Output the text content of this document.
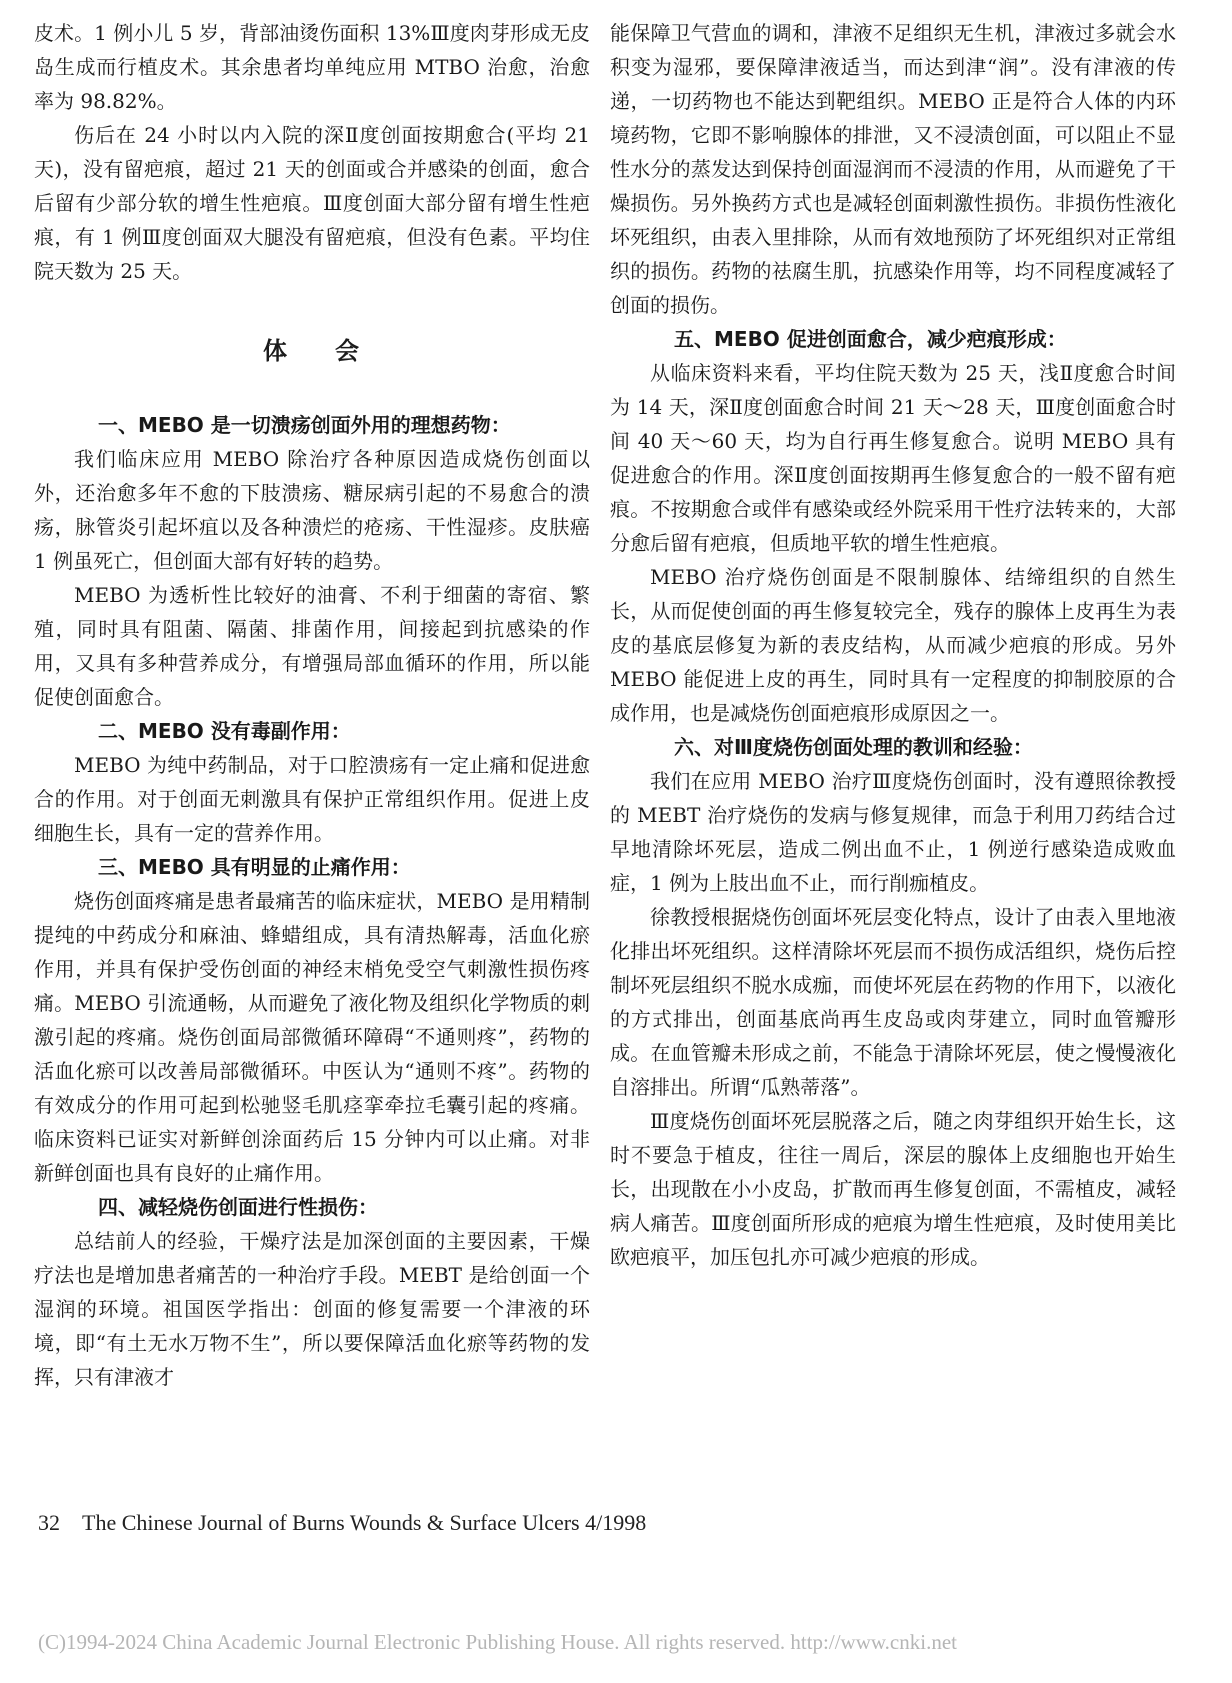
皮术。1 例小儿 5 岁，背部油烫伤面积 13%Ⅲ度肉芽形成无皮岛生成而行植皮术。其余患者均单纯应用 MTBO 治愈，治愈率为 98.82%。

伤后在 24 小时以内入院的深Ⅱ度创面按期愈合(平均 21 天)，没有留疤痕，超过 21 天的创面或合并感染的创面，愈合后留有少部分软的增生性疤痕。Ⅲ度创面大部分留有增生性疤痕，有 1 例Ⅲ度创面双大腿没有留疤痕，但没有色素。平均住院天数为 25 天。

体 会

一、MEBO 是一切溃疡创面外用的理想药物：

我们临床应用 MEBO 除治疗各种原因造成烧伤创面以外，还治愈多年不愈的下肢溃疡、糖尿病引起的不易愈合的溃疡，脉管炎引起坏疽以及各种溃烂的疮疡、干性湿疹。皮肤癌 1 例虽死亡，但创面大部有好转的趋势。

MEBO 为透析性比较好的油膏、不利于细菌的寄宿、繁殖，同时具有阻菌、隔菌、排菌作用，间接起到抗感染的作用，又具有多种营养成分，有增强局部血循环的作用，所以能促使创面愈合。

二、MEBO 没有毒副作用：

MEBO 为纯中药制品，对于口腔溃疡有一定止痛和促进愈合的作用。对于创面无刺激具有保护正常组织作用。促进上皮细胞生长，具有一定的营养作用。

三、MEBO 具有明显的止痛作用：

烧伤创面疼痛是患者最痛苦的临床症状，MEBO 是用精制提纯的中药成分和麻油、蜂蜡组成，具有清热解毒，活血化瘀作用，并具有保护受伤创面的神经末梢免受空气刺激性损伤疼痛。MEBO 引流通畅，从而避免了液化物及组织化学物质的刺激引起的疼痛。烧伤创面局部微循环障碍“不通则疼”，药物的活血化瘀可以改善局部微循环。中医认为“通则不疼”。药物的有效成分的作用可起到松驰竖毛肌痉挛牵拉毛囊引起的疼痛。临床资料已证实对新鲜创涂面药后 15 分钟内可以止痛。对非新鲜创面也具有良好的止痛作用。

四、减轻烧伤创面进行性损伤：

总结前人的经验，干燥疗法是加深创面的主要因素，干燥疗法也是增加患者痛苦的一种治疗手段。MEBT 是给创面一个湿润的环境。祖国医学指出：创面的修复需要一个津液的环境，即“有土无水万物不生”，所以要保障活血化瘀等药物的发挥，只有津液才

能保障卫气营血的调和，津液不足组织无生机，津液过多就会水积变为湿邪，要保障津液适当，而达到津“润”。没有津液的传递，一切药物也不能达到靶组织。MEBO 正是符合人体的内环境药物，它即不影响腺体的排泄，又不浸渍创面，可以阻止不显性水分的蒸发达到保持创面湿润而不浸渍的作用，从而避免了干燥损伤。另外换药方式也是减轻创面刺激性损伤。非损伤性液化坏死组织，由表入里排除，从而有效地预防了坏死组织对正常组织的损伤。药物的祛腐生肌，抗感染作用等，均不同程度减轻了创面的损伤。

五、MEBO 促进创面愈合，减少疤痕形成：

从临床资料来看，平均住院天数为 25 天，浅Ⅱ度愈合时间为 14 天，深Ⅱ度创面愈合时间 21 天～28 天，Ⅲ度创面愈合时间 40 天～60 天，均为自行再生修复愈合。说明 MEBO 具有促进愈合的作用。深Ⅱ度创面按期再生修复愈合的一般不留有疤痕。不按期愈合或伴有感染或经外院采用干性疗法转来的，大部分愈后留有疤痕，但质地平软的增生性疤痕。

MEBO 治疗烧伤创面是不限制腺体、结缔组织的自然生长，从而促使创面的再生修复较完全，残存的腺体上皮再生为表皮的基底层修复为新的表皮结构，从而减少疤痕的形成。另外 MEBO 能促进上皮的再生，同时具有一定程度的抑制胶原的合成作用，也是减烧伤创面疤痕形成原因之一。

六、对Ⅲ度烧伤创面处理的教训和经验：

我们在应用 MEBO 治疗Ⅲ度烧伤创面时，没有遵照徐教授的 MEBT 治疗烧伤的发病与修复规律，而急于利用刀药结合过早地清除坏死层，造成二例出血不止，1 例逆行感染造成败血症，1 例为上肢出血不止，而行削痂植皮。

徐教授根据烧伤创面坏死层变化特点，设计了由表入里地液化排出坏死组织。这样清除坏死层而不损伤成活组织，烧伤后控制坏死层组织不脱水成痂，而使坏死层在药物的作用下，以液化的方式排出，创面基底尚再生皮岛或肉芽建立，同时血管瓣形成。在血管瓣未形成之前，不能急于清除坏死层，使之慢慢液化自溶排出。所谓“瓜熟蒂落”。

Ⅲ度烧伤创面坏死层脱落之后，随之肉芽组织开始生长，这时不要急于植皮，往往一周后，深层的腺体上皮细胞也开始生长，出现散在小小皮岛，扩散而再生修复创面，不需植皮，减轻病人痛苦。Ⅲ度创面所形成的疤痕为增生性疤痕，及时使用美比欧疤痕平，加压包扎亦可减少疤痕的形成。

32 The Chinese Journal of Burns Wounds & Surface Ulcers 4/1998
(C)1994-2024 China Academic Journal Electronic Publishing House. All rights reserved. http://www.cnki.net
